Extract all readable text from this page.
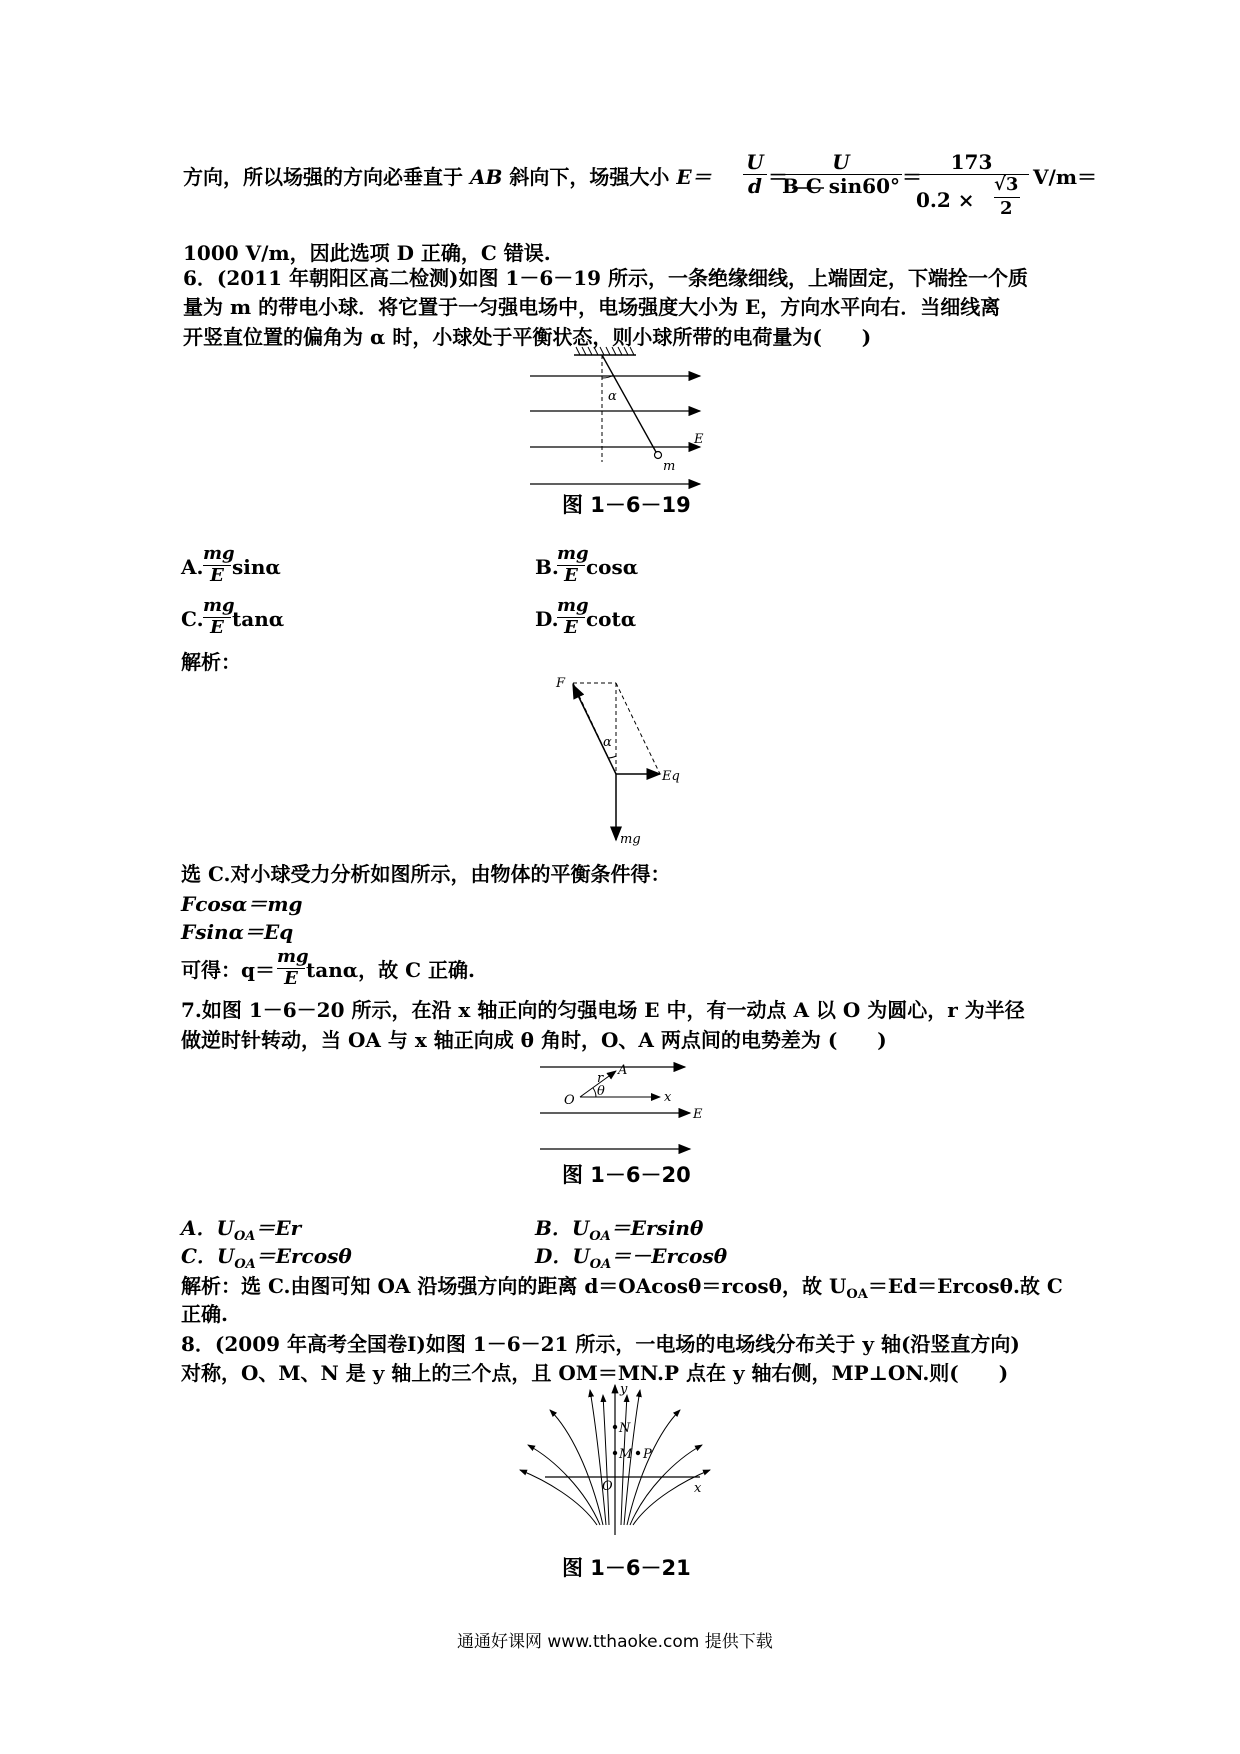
方向，所以场强的方向必垂直于 AB 斜向下，场强大小 E＝
U
d ＝
U
B C sin60° ＝
173
0.2 ×
√3
2
V/m＝
1000 V/m，因此选项 D 正确，C 错误.
6．(2011 年朝阳区高二检测)如图 1－6－19 所示，一条绝缘细线，上端固定，下端拴一个质
量为 m 的带电小球．将它置于一匀强电场中，电场强度大小为 E，方向水平向右．当细线离
开竖直位置的偏角为 α 时，小球处于平衡状态，则小球所带的电荷量为(　　)
α
E
m
图 1－6－19
A.
mg
E sinα	B.
mg
E cosα
C.
mg
E tanα	D.
mg
E cotα
解析：
F
α
Eq
mg
选 C.对小球受力分析如图所示，由物体的平衡条件得：
Fcosα＝mg
Fsinα＝Eq
可得：q＝
mg
E tanα，故 C 正确.
7.如图 1－6－20 所示，在沿 x 轴正向的匀强电场 E 中，有一动点 A 以 O 为圆心，r 为半径
做逆时针转动，当 OA 与 x 轴正向成 θ 角时，O、A 两点间的电势差为 (　　)
A
r
θ
O	x
E
图 1－6－20
A．$U_{OA}=Er$	B．$U_{OA}=Ersin\theta$
C．$U_{OA}=Ercos\theta$	D．$U_{OA}=-Ercos\theta$
解析：选 C.由图可知 OA 沿场强方向的距离 d＝OAcosθ＝rcosθ，故 $U_{OA}=Ed=Ercos\theta$.故 C
正确.
8．(2009 年高考全国卷Ⅰ)如图 1－6－21 所示，一电场的电场线分布关于 y 轴(沿竖直方向)
对称，O、M、N 是 y 轴上的三个点，且 OM＝MN.P 点在 y 轴右侧，MP⊥ON.则(　　)
y
N
M P
O	x
图 1－6－21
通通好课网 www.tthaoke.com 提供下载
